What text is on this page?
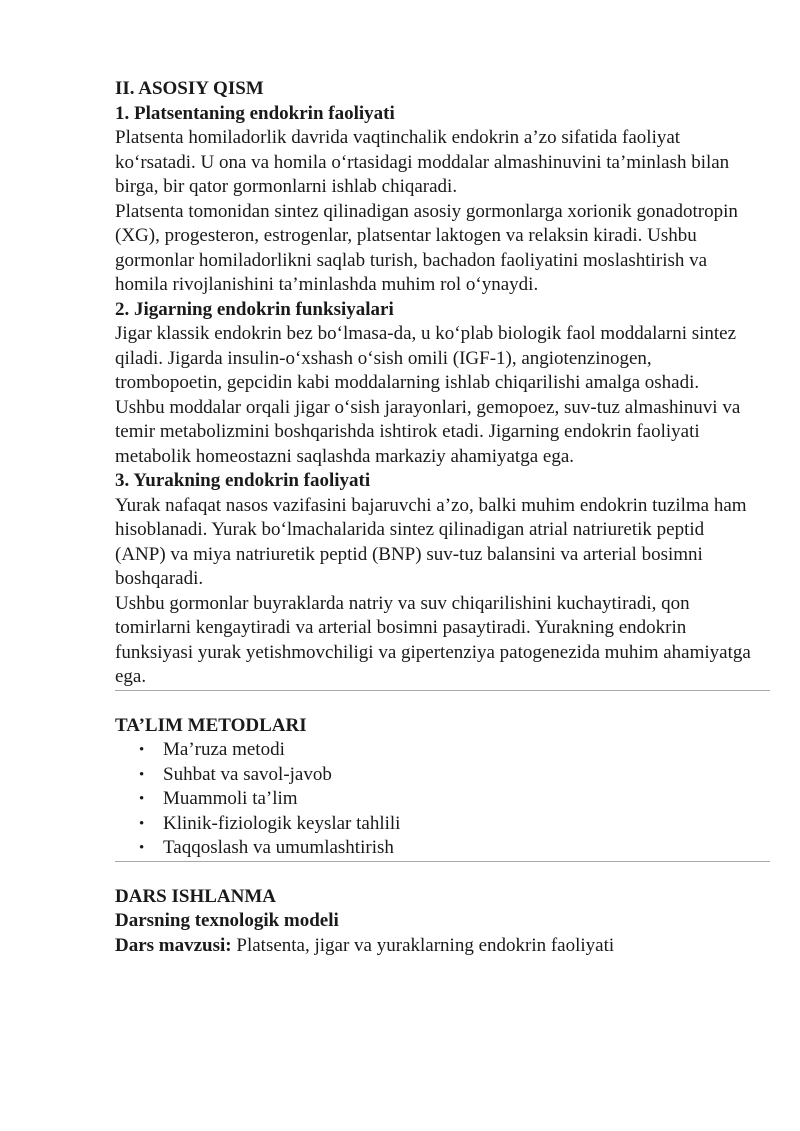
II. ASOSIY QISM

1. Platsentaning endokrin faoliyati

Platsenta homiladorlik davrida vaqtinchalik endokrin a’zo sifatida faoliyat ko‘rsatadi. U ona va homila o‘rtasidagi moddalar almashinuvini ta’minlash bilan birga, bir qator gormonlarni ishlab chiqaradi.

Platsenta tomonidan sintez qilinadigan asosiy gormonlarga xorionik gonadotropin (XG), progesteron, estrogenlar, platsentar laktogen va relaksin kiradi. Ushbu gormonlar homiladorlikni saqlab turish, bachadon faoliyatini moslashtirish va homila rivojlanishini ta’minlashda muhim rol o‘ynaydi.

2. Jigarning endokrin funksiyalari

Jigar klassik endokrin bez bo‘lmasa-da, u ko‘plab biologik faol moddalarni sintez qiladi. Jigarda insulin-o‘xshash o‘sish omili (IGF-1), angiotenzinogen, trombopoetin, gepcidin kabi moddalarning ishlab chiqarilishi amalga oshadi.

Ushbu moddalar orqali jigar o‘sish jarayonlari, gemopoez, suv-tuz almashinuvi va temir metabolizmini boshqarishda ishtirok etadi. Jigarning endokrin faoliyati metabolik homeostazni saqlashda markaziy ahamiyatga ega.

3. Yurakning endokrin faoliyati

Yurak nafaqat nasos vazifasini bajaruvchi a’zo, balki muhim endokrin tuzilma ham hisoblanadi. Yurak bo‘lmachalarida sintez qilinadigan atrial natriuretik peptid (ANP) va miya natriuretik peptid (BNP) suv-tuz balansini va arterial bosimni boshqaradi.

Ushbu gormonlar buyraklarda natriy va suv chiqarilishini kuchaytiradi, qon tomirlarni kengaytiradi va arterial bosimni pasaytiradi. Yurakning endokrin funksiyasi yurak yetishmovchiligi va gipertenziya patogenezida muhim ahamiyatga ega.

TA’LIM METODLARI

• Ma’ruza metodi
• Suhbat va savol-javob
• Muammoli ta’lim
• Klinik-fiziologik keyslar tahlili
• Taqqoslash va umumlashtirish

DARS ISHLANMA

Darsning texnologik modeli

Dars mavzusi: Platsenta, jigar va yuraklarning endokrin faoliyati
